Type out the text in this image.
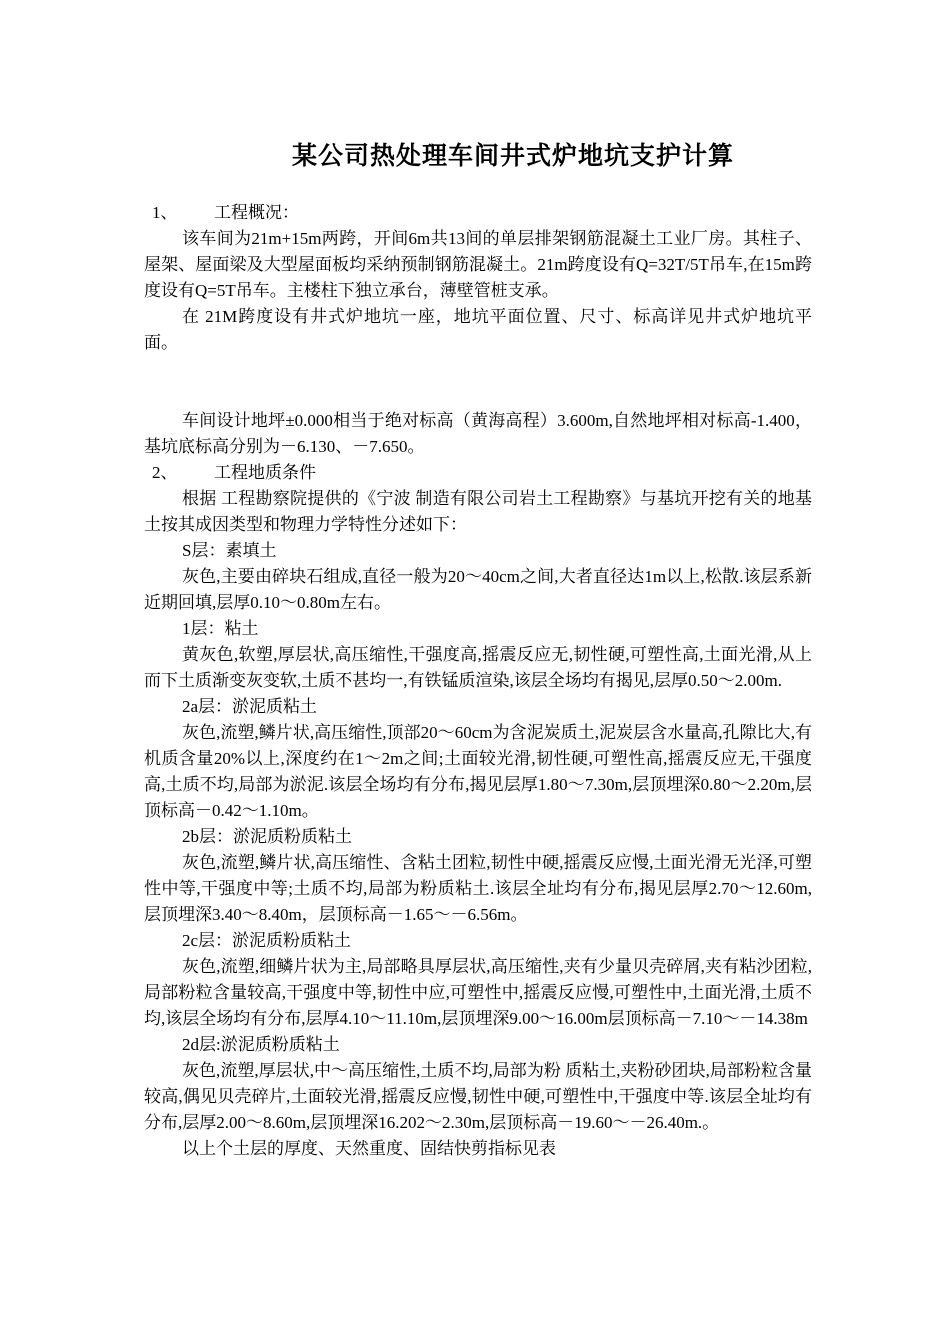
某公司热处理车间井式炉地坑支护计算
1、 工程概况：
该车间为21m+15m两跨，开间6m共13间的单层排架钢筋混凝土工业厂房。其柱子、屋架、屋面梁及大型屋面板均采纳预制钢筋混凝土。21m跨度设有Q=32T/5T吊车,在15m跨度设有Q=5T吊车。主楼柱下独立承台，薄壁管桩支承。
在 21M跨度设有井式炉地坑一座，地坑平面位置、尺寸、标高详见井式炉地坑平面。
车间设计地坪±0.000相当于绝对标高（黄海高程）3.600m,自然地坪相对标高-1.400，基坑底标高分别为－6.130、－7.650。
2、 工程地质条件
根据 工程勘察院提供的《宁波 制造有限公司岩土工程勘察》与基坑开挖有关的地基土按其成因类型和物理力学特性分述如下：
S层：素填土
灰色,主要由碎块石组成,直径一般为20～40cm之间,大者直径达1m以上,松散.该层系新近期回填,层厚0.10～0.80m左右。
1层：粘土
黄灰色,软塑,厚层状,高压缩性,干强度高,摇震反应无,韧性硬,可塑性高,土面光滑,从上而下土质渐变灰变软,土质不甚均一,有铁锰质渲染,该层全场均有揭见,层厚0.50～2.00m.
2a层：淤泥质粘土
灰色,流塑,鳞片状,高压缩性,顶部20～60cm为含泥炭质土,泥炭层含水量高,孔隙比大,有机质含量20%以上,深度约在1～2m之间;土面较光滑,韧性硬,可塑性高,摇震反应无,干强度高,土质不均,局部为淤泥.该层全场均有分布,揭见层厚1.80～7.30m,层顶埋深0.80～2.20m,层顶标高－0.42～1.10m。
2b层：淤泥质粉质粘土
灰色,流塑,鳞片状,高压缩性、含粘土团粒,韧性中硬,摇震反应慢,土面光滑无光泽,可塑性中等,干强度中等;土质不均,局部为粉质粘土.该层全址均有分布,揭见层厚2.70～12.60m,层顶埋深3.40～8.40m，层顶标高－1.65～－6.56m。
2c层：淤泥质粉质粘土
灰色,流塑,细鳞片状为主,局部略具厚层状,高压缩性,夹有少量贝壳碎屑,夹有粘沙团粒,局部粉粒含量较高,干强度中等,韧性中应,可塑性中,摇震反应慢,可塑性中,土面光滑,土质不均,该层全场均有分布,层厚4.10～11.10m,层顶埋深9.00～16.00m层顶标高－7.10～－14.38m
2d层:淤泥质粉质粘土
灰色,流塑,厚层状,中～高压缩性,土质不均,局部为粉 质粘土,夹粉砂团块,局部粉粒含量较高,偶见贝壳碎片,土面较光滑,摇震反应慢,韧性中硬,可塑性中,干强度中等.该层全址均有分布,层厚2.00～8.60m,层顶埋深16.202～2.30m,层顶标高－19.60～－26.40m.。
以上个土层的厚度、天然重度、固结快剪指标见表
